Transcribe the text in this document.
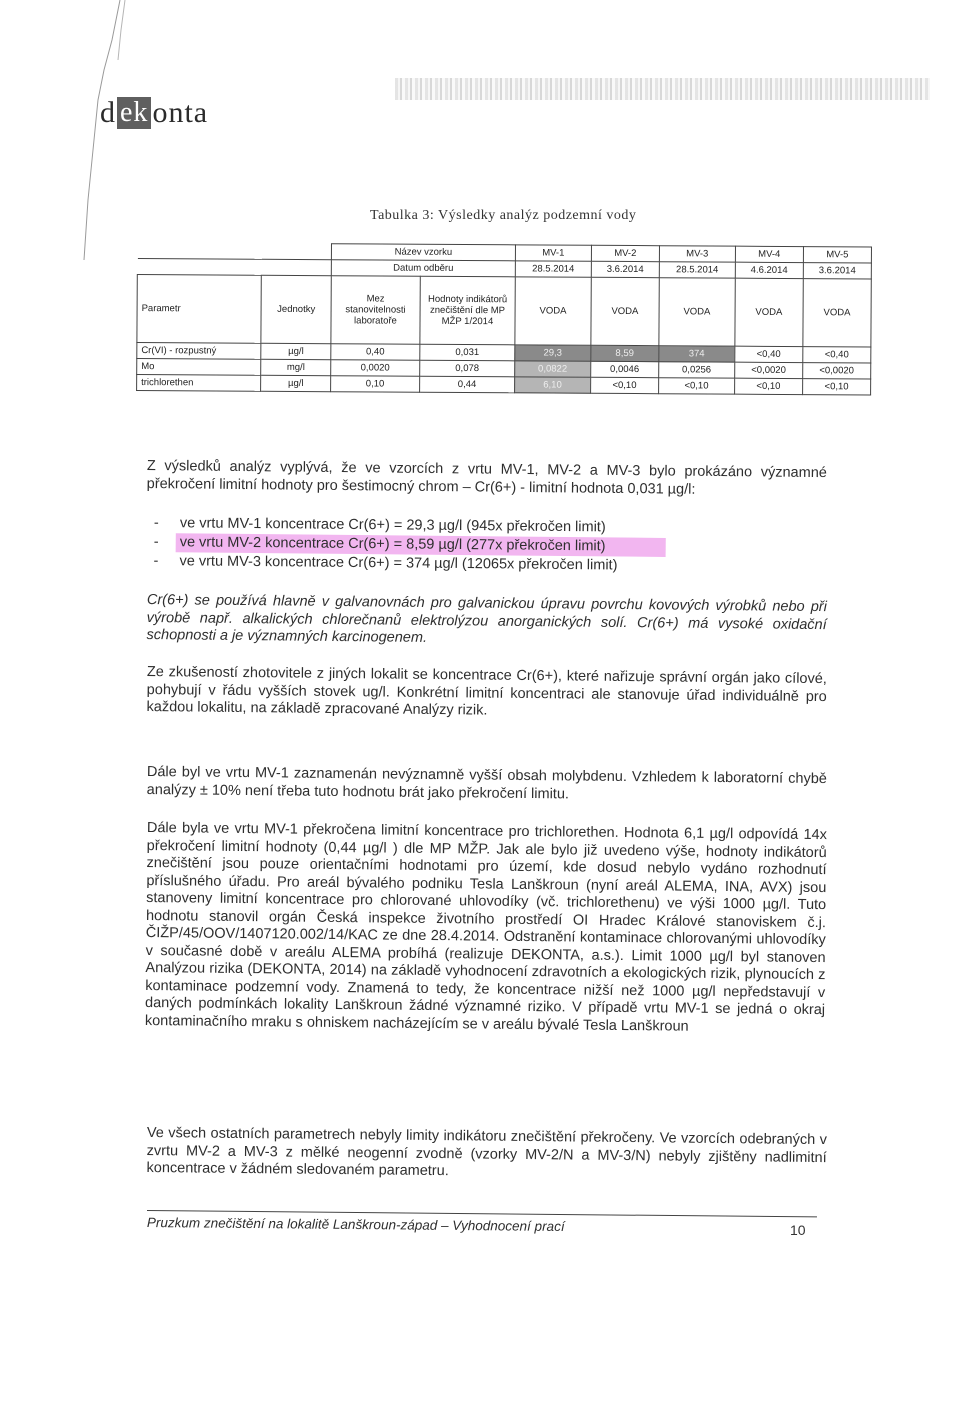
d ek o nta
Tabulka 3: Výsledky analýz podzemní vody
		Název vzorku		MV-1	MV-2	MV-3	MV-4	MV-5
		Datum odběru		28.5.2014	3.6.2014	28.5.2014	4.6.2014	3.6.2014
Parametr	Jednotky	Mez stanovitelnosti laboratoře	Hodnoty indikátorů znečištění dle MP MŽP 1/2014	VODA	VODA	VODA	VODA	VODA
Cr(VI) - rozpustný	µg/l	0,40	0,031	29,3	8,59	374	<0,40	<0,40
Mo	mg/l	0,0020	0,078	0,0822	0,0046	0,0256	<0,0020	<0,0020
trichlorethen	µg/l	0,10	0,44	6,10	<0,10	<0,10	<0,10	<0,10
Z výsledků analýz vyplývá, že ve vzorcích z vrtu MV-1, MV-2 a MV-3 bylo prokázáno významné překročení limitní hodnoty pro šestimocný chrom – Cr(6+) - limitní hodnota 0,031 µg/l:
- ve vrtu MV-1 koncentrace Cr(6+) = 29,3 µg/l (945x překročen limit)
- ve vrtu MV-2 koncentrace Cr(6+) = 8,59 µg/l (277x překročen limit)
- ve vrtu MV-3 koncentrace Cr(6+) = 374 µg/l (12065x překročen limit)
Cr(6+) se používá hlavně v galvanovnách pro galvanickou úpravu povrchu kovových výrobků nebo při výrobě např. alkalických chlorečnanů elektrolýzou anorganických solí. Cr(6+) má vysoké oxidační schopnosti a je významných karcinogenem.
Ze zkušeností zhotovitele z jiných lokalit se koncentrace Cr(6+), které nařizuje správní orgán jako cílové, pohybují v řádu vyšších stovek ug/l. Konkrétní limitní koncentraci ale stanovuje úřad individuálně pro každou lokalitu, na základě zpracované Analýzy rizik.
Dále byl ve vrtu MV-1 zaznamenán nevýznamně vyšší obsah molybdenu. Vzhledem k laboratorní chybě analýzy ± 10% není třeba tuto hodnotu brát jako překročení limitu.
Dále byla ve vrtu MV-1 překročena limitní koncentrace pro trichlorethen. Hodnota 6,1 µg/l odpovídá 14x překročení limitní hodnoty (0,44 µg/l ) dle MP MŽP. Jak ale bylo již uvedeno výše, hodnoty indikátorů znečištění jsou pouze orientačními hodnotami pro území, kde dosud nebylo vydáno rozhodnutí příslušného úřadu. Pro areál bývalého podniku Tesla Lanškroun (nyní areál ALEMA, INA, AVX) jsou stanoveny limitní koncentrace pro chlorované uhlovodíky (vč. trichlorethenu) ve výši 1000 µg/l. Tuto hodnotu stanovil orgán Česká inspekce životního prostředí OI Hradec Králové stanoviskem č.j. ČIŽP/45/OOV/1407120.002/14/KAC ze dne 28.4.2014. Odstranění kontaminace chlorovanými uhlovodíky v současné době v areálu ALEMA probíhá (realizuje DEKONTA, a.s.). Limit 1000 µg/l byl stanoven Analýzou rizika (DEKONTA, 2014) na základě vyhodnocení zdravotních a ekologických rizik, plynoucích z kontaminace podzemní vody. Znamená to tedy, že koncentrace nižší než 1000 µg/l nepředstavují v daných podmínkách lokality Lanškroun žádné významné riziko. V případě vrtu MV-1 se jedná o okraj kontaminačního mraku s ohniskem nacházejícím se v areálu bývalé Tesla Lanškroun
Ve všech ostatních parametrech nebyly limity indikátoru znečištění překročeny. Ve vzorcích odebraných v zvrtu MV-2 a MV-3 z mělké neogenní zvodně (vzorky MV-2/N a MV-3/N) nebyly zjištěny nadlimitní koncentrace v žádném sledovaném parametru.
Pruzkum znečištění na lokalitě Lanškroun-západ – Vyhodnocení prací	10
